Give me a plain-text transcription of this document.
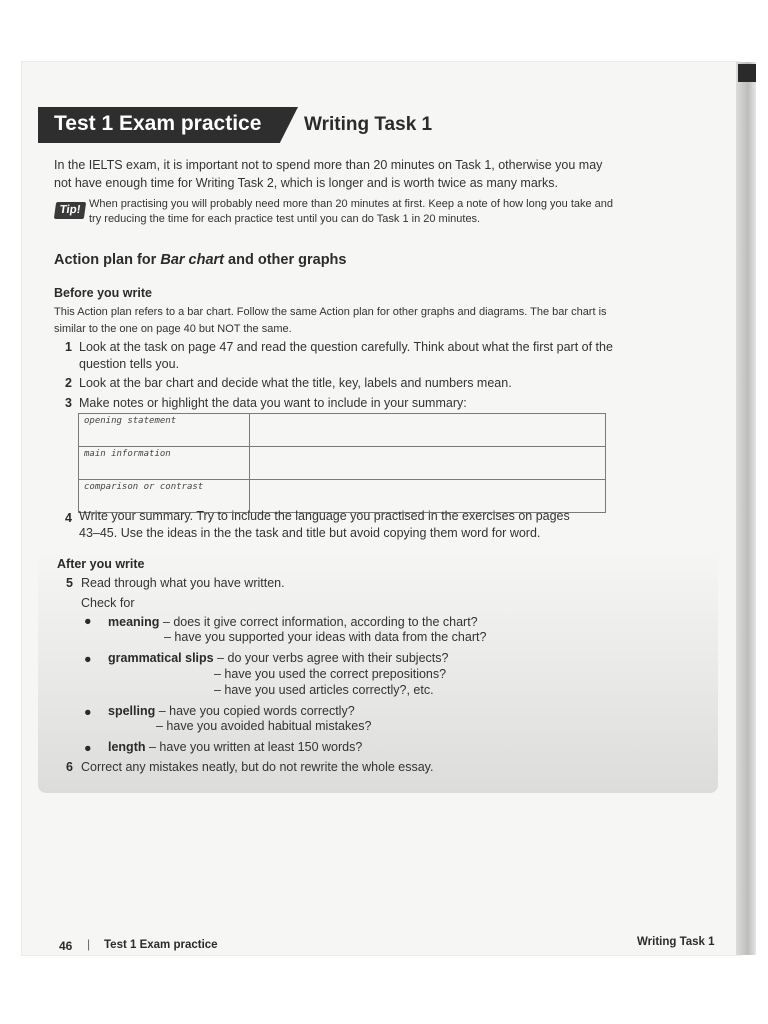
Test 1 Exam practice Writing Task 1
In the IELTS exam, it is important not to spend more than 20 minutes on Task 1, otherwise you may not have enough time for Writing Task 2, which is longer and is worth twice as many marks.
Tip! When practising you will probably need more than 20 minutes at first. Keep a note of how long you take and try reducing the time for each practice test until you can do Task 1 in 20 minutes.
Action plan for Bar chart and other graphs
Before you write
This Action plan refers to a bar chart. Follow the same Action plan for other graphs and diagrams. The bar chart is similar to the one on page 40 but NOT the same.
1 Look at the task on page 47 and read the question carefully. Think about what the first part of the question tells you.
2 Look at the bar chart and decide what the title, key, labels and numbers mean.
3 Make notes or highlight the data you want to include in your summary:
opening statement	
main information	
comparison or contrast	
4 Write your summary. Try to include the language you practised in the exercises on pages 43–45. Use the ideas in the the task and title but avoid copying them word for word.
After you write
5 Read through what you have written.
Check for
● meaning – does it give correct information, according to the chart?
– have you supported your ideas with data from the chart?
● grammatical slips – do your verbs agree with their subjects?
– have you used the correct prepositions?
– have you used articles correctly?, etc.
● spelling – have you copied words correctly?
– have you avoided habitual mistakes?
● length – have you written at least 150 words?
6 Correct any mistakes neatly, but do not rewrite the whole essay.
46 | Test 1 Exam practice	Writing Task 1
